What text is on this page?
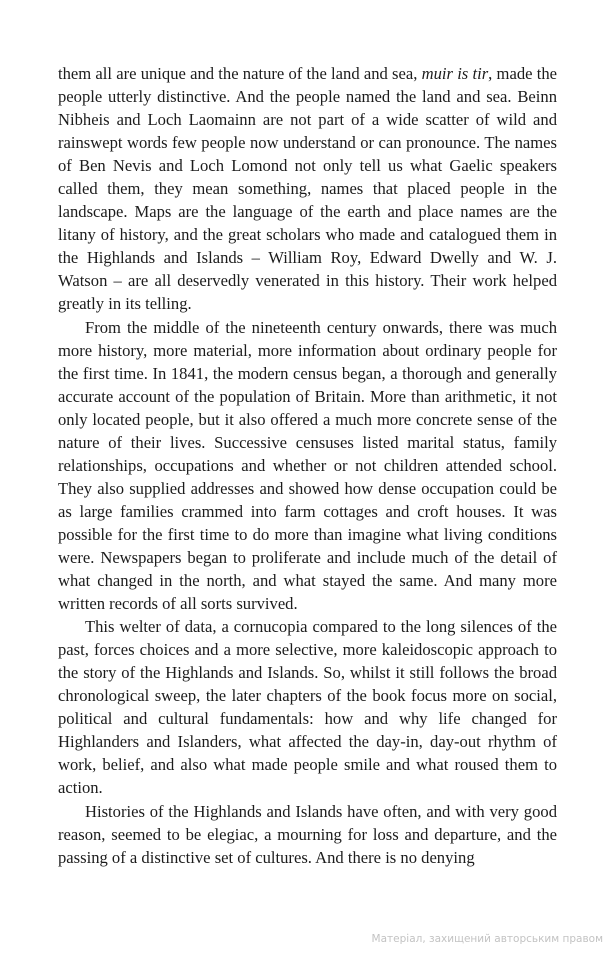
them all are unique and the nature of the land and sea, muir is tir, made the people utterly distinctive. And the people named the land and sea. Beinn Nibheis and Loch Laomainn are not part of a wide scatter of wild and rainswept words few people now understand or can pronounce. The names of Ben Nevis and Loch Lomond not only tell us what Gaelic speakers called them, they mean something, names that placed people in the landscape. Maps are the language of the earth and place names are the litany of history, and the great scholars who made and catalogued them in the Highlands and Islands – William Roy, Edward Dwelly and W. J. Watson – are all deservedly venerated in this history. Their work helped greatly in its telling.

From the middle of the nineteenth century onwards, there was much more history, more material, more information about ordinary people for the first time. In 1841, the modern census began, a thorough and generally accurate account of the population of Britain. More than arithmetic, it not only located people, but it also offered a much more concrete sense of the nature of their lives. Successive censuses listed marital status, family relationships, occupations and whether or not children attended school. They also supplied addresses and showed how dense occupation could be as large families crammed into farm cottages and croft houses. It was possible for the first time to do more than imagine what living conditions were. Newspapers began to proliferate and include much of the detail of what changed in the north, and what stayed the same. And many more written records of all sorts survived.

This welter of data, a cornucopia compared to the long silences of the past, forces choices and a more selective, more kaleidoscopic approach to the story of the Highlands and Islands. So, whilst it still follows the broad chronological sweep, the later chapters of the book focus more on social, political and cultural fundamentals: how and why life changed for Highlanders and Islanders, what affected the day-in, day-out rhythm of work, belief, and also what made people smile and what roused them to action.

Histories of the Highlands and Islands have often, and with very good reason, seemed to be elegiac, a mourning for loss and departure, and the passing of a distinctive set of cultures. And there is no denying

Матеріал, захищений авторським правом
